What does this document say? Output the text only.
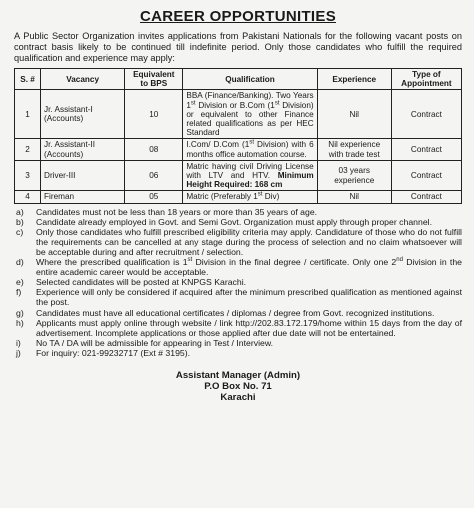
CAREER OPPORTUNITIES
A Public Sector Organization invites applications from Pakistani Nationals for the following vacant posts on contract basis likely to be continued till indefinite period. Only those candidates who fulfill the required qualification and experience may apply:
S. #	Vacancy	Equivalent to BPS	Qualification	Experience	Type of Appointment
1	Jr. Assistant-I (Accounts)	10	BBA (Finance/Banking). Two Years 1st Division or B.Com (1st Division) or equivalent to other Finance related qualifications as per HEC Standard	Nil	Contract
2	Jr. Assistant-II (Accounts)	08	I.Com/ D.Com (1st Division) with 6 months office automation course.	Nil experience with trade test	Contract
3	Driver-III	06	Matric having civil Driving License with LTV and HTV. Minimum Height Required: 168 cm	03 years experience	Contract
4	Fireman	05	Matric (Preferably 1st Div)	Nil	Contract
a) Candidates must not be less than 18 years or more than 35 years of age.
b) Candidate already employed in Govt. and Semi Govt. Organization must apply through proper channel.
c) Only those candidates who fulfill prescribed eligibility criteria may apply. Candidature of those who do not fulfill the requirements can be cancelled at any stage during the process of selection and no claim whatsoever will be acceptable during and after recruitment / selection.
d) Where the prescribed qualification is 1st Division in the final degree / certificate. Only one 2nd Division in the entire academic career would be acceptable.
e) Selected candidates will be posted at KNPGS Karachi.
f) Experience will only be considered if acquired after the minimum prescribed qualification as mentioned against the post.
g) Candidates must have all educational certificates / diplomas / degree from Govt. recognized institutions.
h) Applicants must apply online through website / link http://202.83.172.179/home within 15 days from the day of advertisement. Incomplete applications or those applied after due date will not be entertained.
i) No TA / DA will be admissible for appearing in Test / Interview.
j) For inquiry: 021-99232717 (Ext # 3195).
Assistant Manager (Admin)
P.O Box No. 71
Karachi
